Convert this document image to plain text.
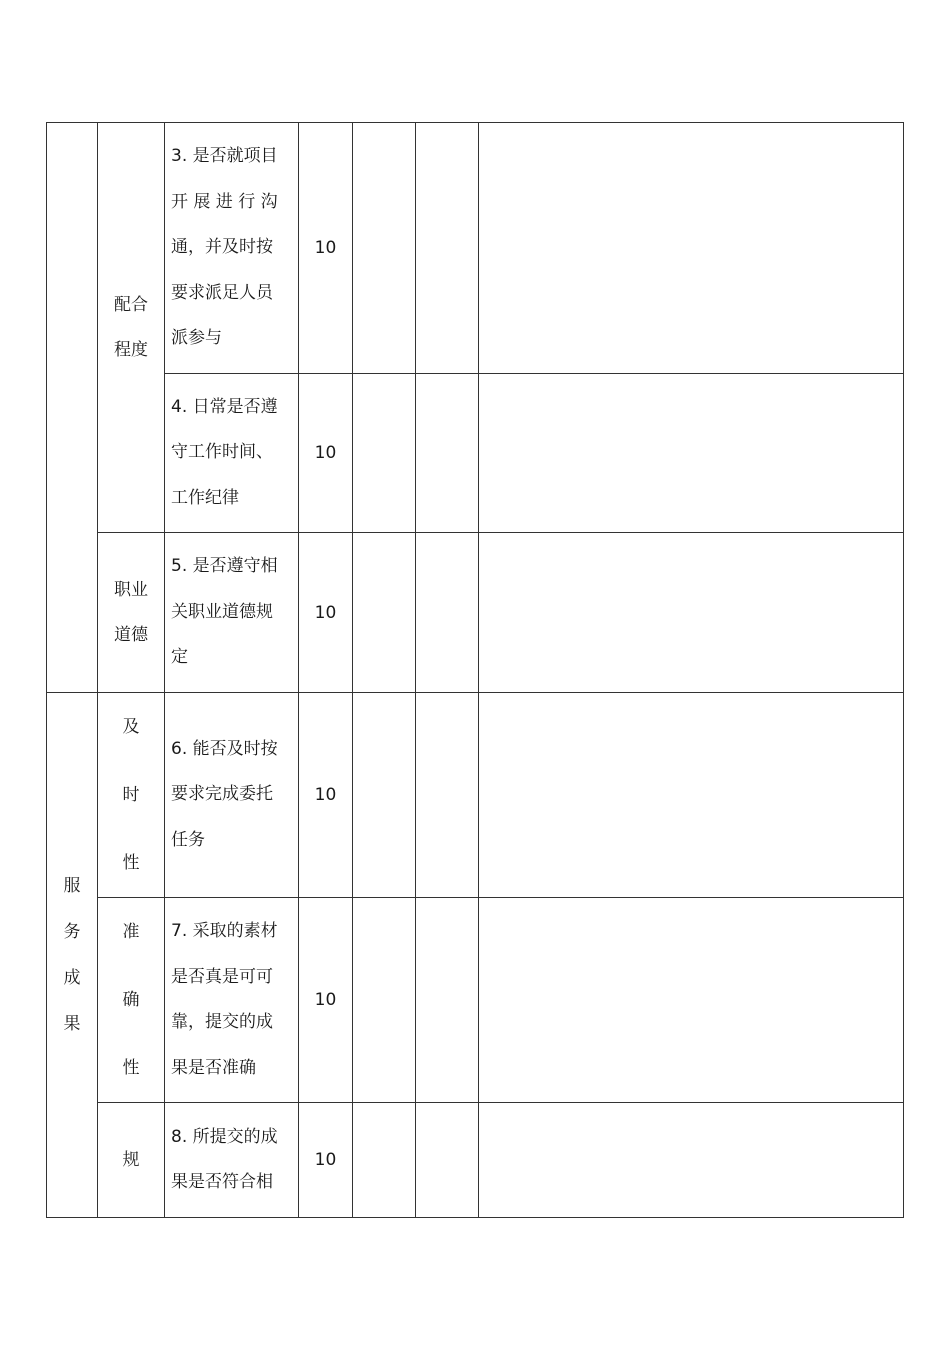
	配合程度	3. 是否就项目开 展 进 行 沟通，并及时按要求派足人员派参与	10			

		4. 日常是否遵守工作时间、工作纪律	10			
	职业道德	5. 是否遵守相关职业道德规定	10			
服务成果	及时性	6. 能否及时按要求完成委托任务	10			
	准确性	7. 采取的素材是否真是可可靠，提交的成果是否准确	10			
	规	8. 所提交的成果是否符合相	10			
